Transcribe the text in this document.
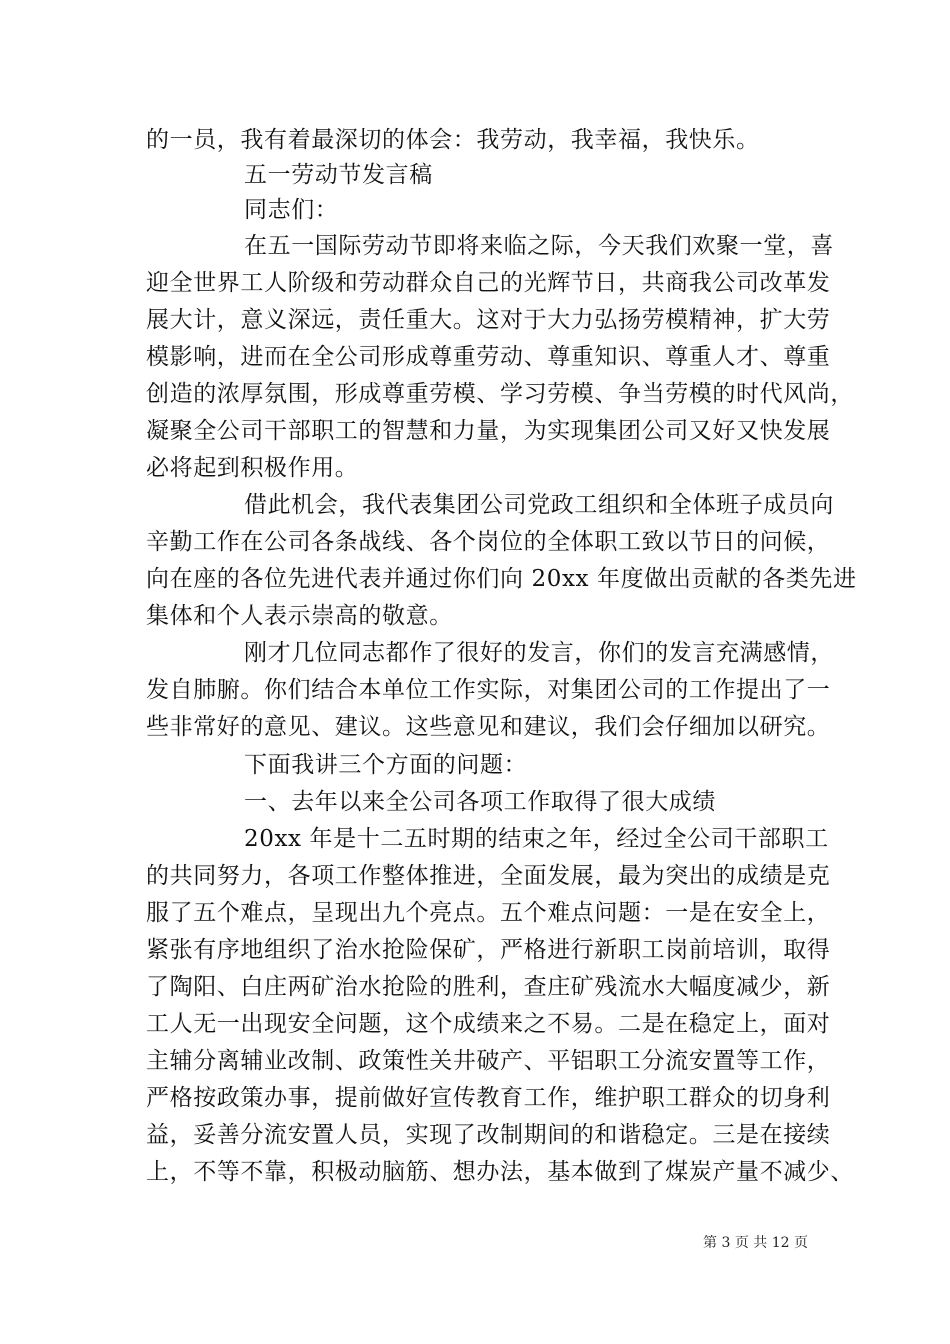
的一员，我有着最深切的体会：我劳动，我幸福，我快乐。
五一劳动节发言稿
同志们：
在五一国际劳动节即将来临之际，今天我们欢聚一堂，喜
迎全世界工人阶级和劳动群众自己的光辉节日，共商我公司改革发
展大计，意义深远，责任重大。这对于大力弘扬劳模精神，扩大劳
模影响，进而在全公司形成尊重劳动、尊重知识、尊重人才、尊重
创造的浓厚氛围，形成尊重劳模、学习劳模、争当劳模的时代风尚，
凝聚全公司干部职工的智慧和力量，为实现集团公司又好又快发展
必将起到积极作用。
借此机会，我代表集团公司党政工组织和全体班子成员向
辛勤工作在公司各条战线、各个岗位的全体职工致以节日的问候，
向在座的各位先进代表并通过你们向 20xx 年度做出贡献的各类先进
集体和个人表示崇高的敬意。
刚才几位同志都作了很好的发言，你们的发言充满感情，
发自肺腑。你们结合本单位工作实际，对集团公司的工作提出了一
些非常好的意见、建议。这些意见和建议，我们会仔细加以研究。
下面我讲三个方面的问题：
一、去年以来全公司各项工作取得了很大成绩
20xx 年是十二五时期的结束之年，经过全公司干部职工
的共同努力，各项工作整体推进，全面发展，最为突出的成绩是克
服了五个难点，呈现出九个亮点。五个难点问题：一是在安全上，
紧张有序地组织了治水抢险保矿，严格进行新职工岗前培训，取得
了陶阳、白庄两矿治水抢险的胜利，查庄矿残流水大幅度减少，新
工人无一出现安全问题，这个成绩来之不易。二是在稳定上，面对
主辅分离辅业改制、政策性关井破产、平铝职工分流安置等工作，
严格按政策办事，提前做好宣传教育工作，维护职工群众的切身利
益，妥善分流安置人员，实现了改制期间的和谐稳定。三是在接续
上，不等不靠，积极动脑筋、想办法，基本做到了煤炭产量不减少、
第 3 页 共 12 页
